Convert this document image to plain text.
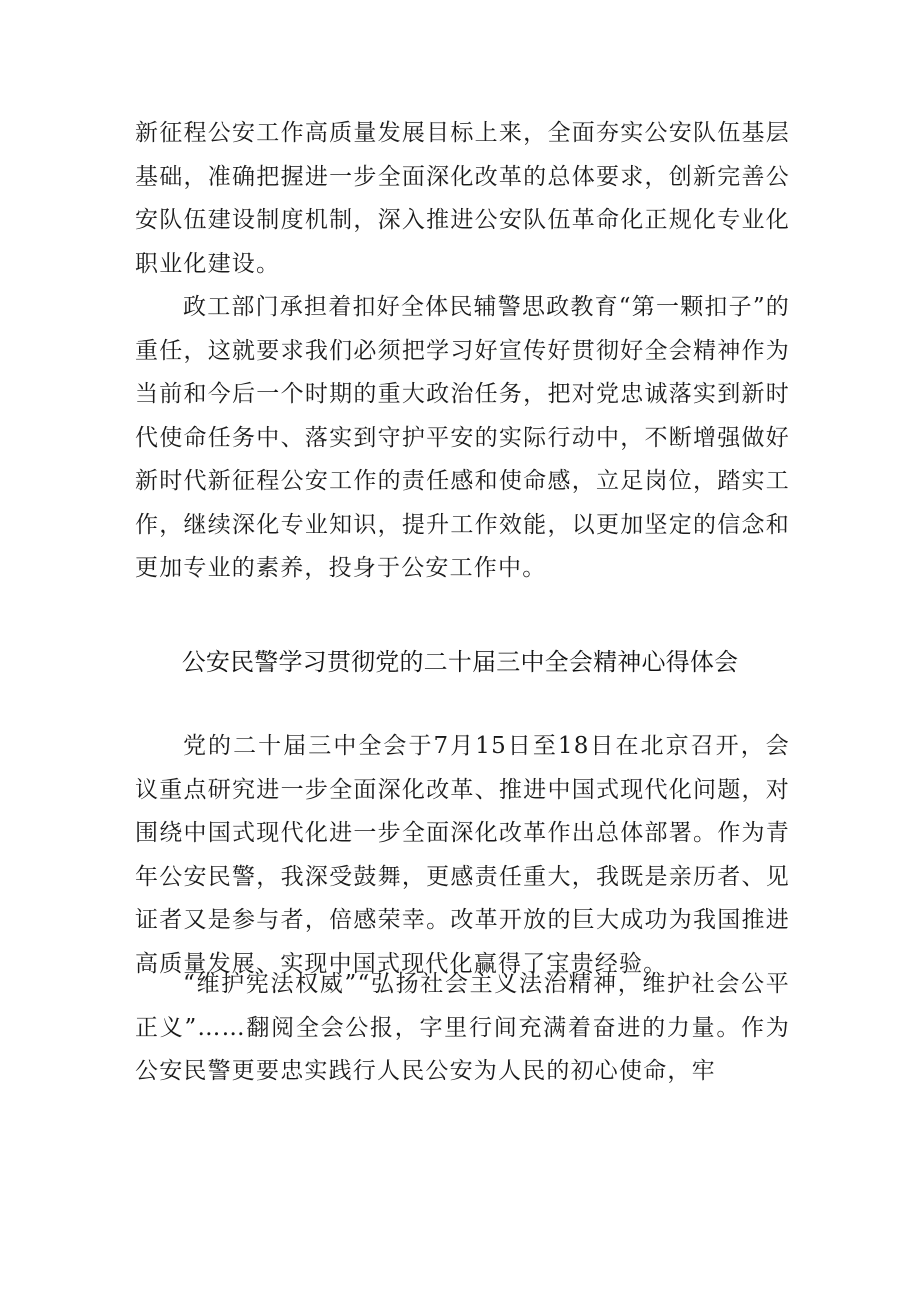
新征程公安工作高质量发展目标上来，全面夯实公安队伍基层基础，准确把握进一步全面深化改革的总体要求，创新完善公安队伍建设制度机制，深入推进公安队伍革命化正规化专业化职业化建设。

政工部门承担着扣好全体民辅警思政教育“第一颗扣子”的重任，这就要求我们必须把学习好宣传好贯彻好全会精神作为当前和今后一个时期的重大政治任务，把对党忠诚落实到新时代使命任务中、落实到守护平安的实际行动中，不断增强做好新时代新征程公安工作的责任感和使命感，立足岗位，踏实工作，继续深化专业知识，提升工作效能，以更加坚定的信念和更加专业的素养，投身于公安工作中。

公安民警学习贯彻党的二十届三中全会精神心得体会

党的二十届三中全会于7月15日至18日在北京召开，会议重点研究进一步全面深化改革、推进中国式现代化问题，对围绕中国式现代化进一步全面深化改革作出总体部署。作为青年公安民警，我深受鼓舞，更感责任重大，我既是亲历者、见证者又是参与者，倍感荣幸。改革开放的巨大成功为我国推进高质量发展、实现中国式现代化赢得了宝贵经验。

“维护宪法权威”“弘扬社会主义法治精神，维护社会公平正义”……翻阅全会公报，字里行间充满着奋进的力量。作为公安民警更要忠实践行人民公安为人民的初心使命，牢
